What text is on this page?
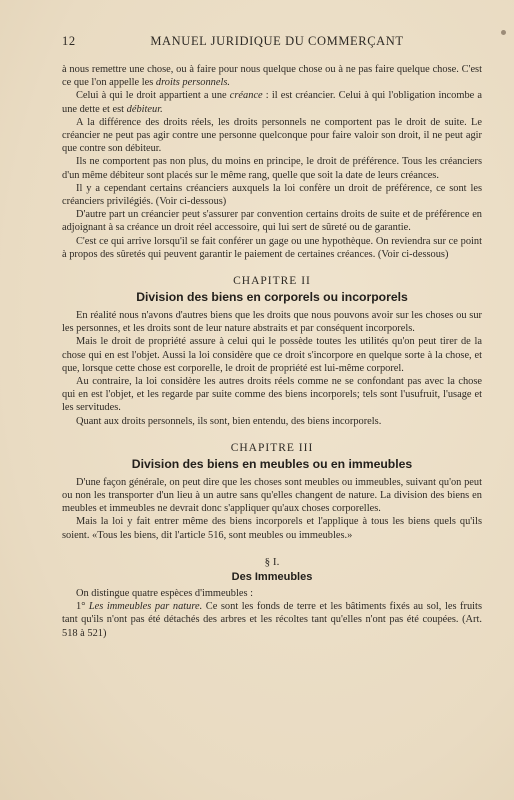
12	MANUEL JURIDIQUE DU COMMERÇANT

à nous remettre une chose, ou à faire pour nous quelque chose ou à ne pas faire quelque chose. C'est ce que l'on appelle les droits personnels.

Celui à qui le droit appartient a une créance : il est créancier. Celui à qui l'obligation incombe a une dette et est débiteur.

A la différence des droits réels, les droits personnels ne comportent pas le droit de suite. Le créancier ne peut pas agir contre une personne quelconque pour faire valoir son droit, il ne peut agir que contre son débiteur.

Ils ne comportent pas non plus, du moins en principe, le droit de préférence. Tous les créanciers d'un même débiteur sont placés sur le même rang, quelle que soit la date de leurs créances.

Il y a cependant certains créanciers auxquels la loi confère un droit de préférence, ce sont les créanciers privilégiés. (Voir ci-dessous)

D'autre part un créancier peut s'assurer par convention certains droits de suite et de préférence en adjoignant à sa créance un droit réel accessoire, qui lui sert de sûreté ou de garantie.

C'est ce qui arrive lorsqu'il se fait conférer un gage ou une hypothèque. On reviendra sur ce point à propos des sûretés qui peuvent garantir le paiement de certaines créances. (Voir ci-dessous)

CHAPITRE II
Division des biens en corporels ou incorporels

En réalité nous n'avons d'autres biens que les droits que nous pouvons avoir sur les choses ou sur les personnes, et les droits sont de leur nature abstraits et par conséquent incorporels.

Mais le droit de propriété assure à celui qui le possède toutes les utilités qu'on peut tirer de la chose qui en est l'objet. Aussi la loi considère que ce droit s'incorpore en quelque sorte à la chose, et que, lorsque cette chose est corporelle, le droit de propriété est lui-même corporel.

Au contraire, la loi considère les autres droits réels comme ne se confondant pas avec la chose qui en est l'objet, et les regarde par suite comme des biens incorporels; tels sont l'usufruit, l'usage et les servitudes.

Quant aux droits personnels, ils sont, bien entendu, des biens incorporels.

CHAPITRE III
Division des biens en meubles ou en immeubles

D'une façon générale, on peut dire que les choses sont meubles ou immeubles, suivant qu'on peut ou non les transporter d'un lieu à un autre sans qu'elles changent de nature. La division des biens en meubles et immeubles ne devrait donc s'appliquer qu'aux choses corporelles.

Mais la loi y fait entrer même des biens incorporels et l'applique à tous les biens quels qu'ils soient. «Tous les biens, dit l'article 516, sont meubles ou immeubles.»

§ I.
Des Immeubles

On distingue quatre espèces d'immeubles :

1° Les immeubles par nature. Ce sont les fonds de terre et les bâtiments fixés au sol, les fruits tant qu'ils n'ont pas été détachés des arbres et les récoltes tant qu'elles n'ont pas été coupées. (Art. 518 à 521)
